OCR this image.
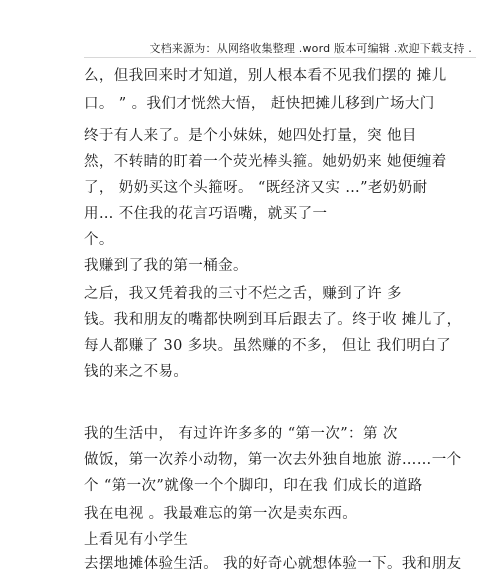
文档来源为：从网络收集整理 .word 版本可编辑 .欢迎下载支持 .
么，但我回来时才知道，别人根本看不见我们摆的 摊儿
口。 ” 。我们才恍然大悟， 赶快把摊儿移到广场大门
终于有人来了。是个小妹妹，她四处打量，突 他目
然，不转睛的盯着一个荧光棒头箍。她奶奶来 她便缠着
了， 奶奶买这个头箍呀。 “既经济又实 …”老奶奶耐
用… 不住我的花言巧语嘴，就买了一
个。
我赚到了我的第一桶金。
之后，我又凭着我的三寸不烂之舌，赚到了许 多
钱。我和朋友的嘴都快咧到耳后跟去了。终于收 摊儿了，
每人都赚了 30 多块。虽然赚的不多， 但让 我们明白了
钱的来之不易。
我的生活中， 有过许许多多的 “第一次”：第 次
做饭，第一次养小动物，第一次去外独自地旅 游……一个
个 “第一次”就像一个个脚印，印在我 们成长的道路
我在电视 。我最难忘的第一次是卖东西。
上看见有小学生
去摆地摊体验生活。 我的好奇心就想体验一下。我和朋友
